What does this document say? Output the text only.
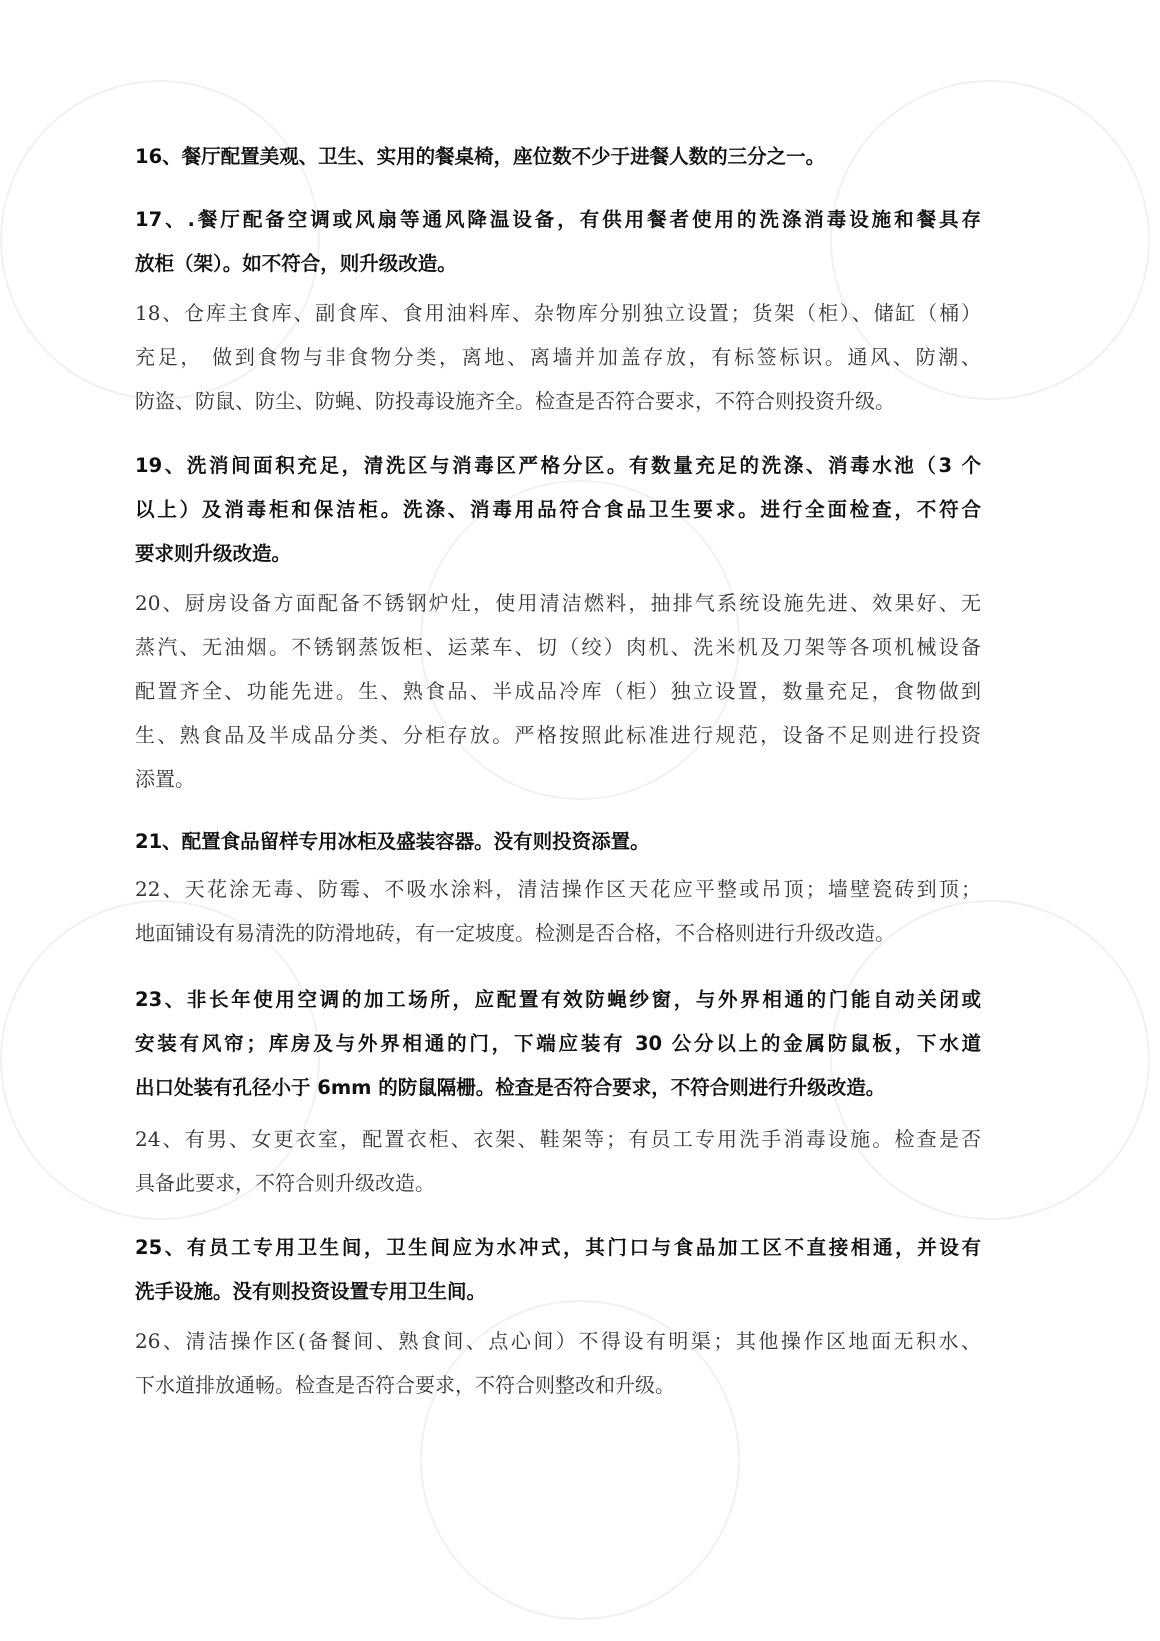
16、餐厅配置美观、卫生、实用的餐桌椅，座位数不少于进餐人数的三分之一。
17、.餐厅配备空调或风扇等通风降温设备，有供用餐者使用的洗涤消毒设施和餐具存
放柜（架）。如不符合，则升级改造。
18、仓库主食库、副食库、食用油料库、杂物库分别独立设置；货架（柜）、储缸（桶）
充足， 做到食物与非食物分类，离地、离墙并加盖存放，有标签标识。通风、防潮、
防盗、防鼠、防尘、防蝇、防投毒设施齐全。检查是否符合要求，不符合则投资升级。
19、洗消间面积充足，清洗区与消毒区严格分区。有数量充足的洗涤、消毒水池（3 个
以上）及消毒柜和保洁柜。洗涤、消毒用品符合食品卫生要求。进行全面检查，不符合
要求则升级改造。
20、厨房设备方面配备不锈钢炉灶，使用清洁燃料，抽排气系统设施先进、效果好、无
蒸汽、无油烟。不锈钢蒸饭柜、运菜车、切（绞）肉机、洗米机及刀架等各项机械设备
配置齐全、功能先进。生、熟食品、半成品冷库（柜）独立设置，数量充足，食物做到
生、熟食品及半成品分类、分柜存放。严格按照此标准进行规范，设备不足则进行投资
添置。
21、配置食品留样专用冰柜及盛装容器。没有则投资添置。
22、天花涂无毒、防霉、不吸水涂料，清洁操作区天花应平整或吊顶；墙壁瓷砖到顶；
地面铺设有易清洗的防滑地砖，有一定坡度。检测是否合格，不合格则进行升级改造。
23、非长年使用空调的加工场所，应配置有效防蝇纱窗，与外界相通的门能自动关闭或
安装有风帘；库房及与外界相通的门，下端应装有 30 公分以上的金属防鼠板，下水道
出口处装有孔径小于 6mm 的防鼠隔栅。检查是否符合要求，不符合则进行升级改造。
24、有男、女更衣室，配置衣柜、衣架、鞋架等；有员工专用洗手消毒设施。检查是否
具备此要求，不符合则升级改造。
25、有员工专用卫生间，卫生间应为水冲式，其门口与食品加工区不直接相通，并设有
洗手设施。没有则投资设置专用卫生间。
26、清洁操作区(备餐间、熟食间、点心间）不得设有明渠；其他操作区地面无积水、
下水道排放通畅。检查是否符合要求，不符合则整改和升级。
